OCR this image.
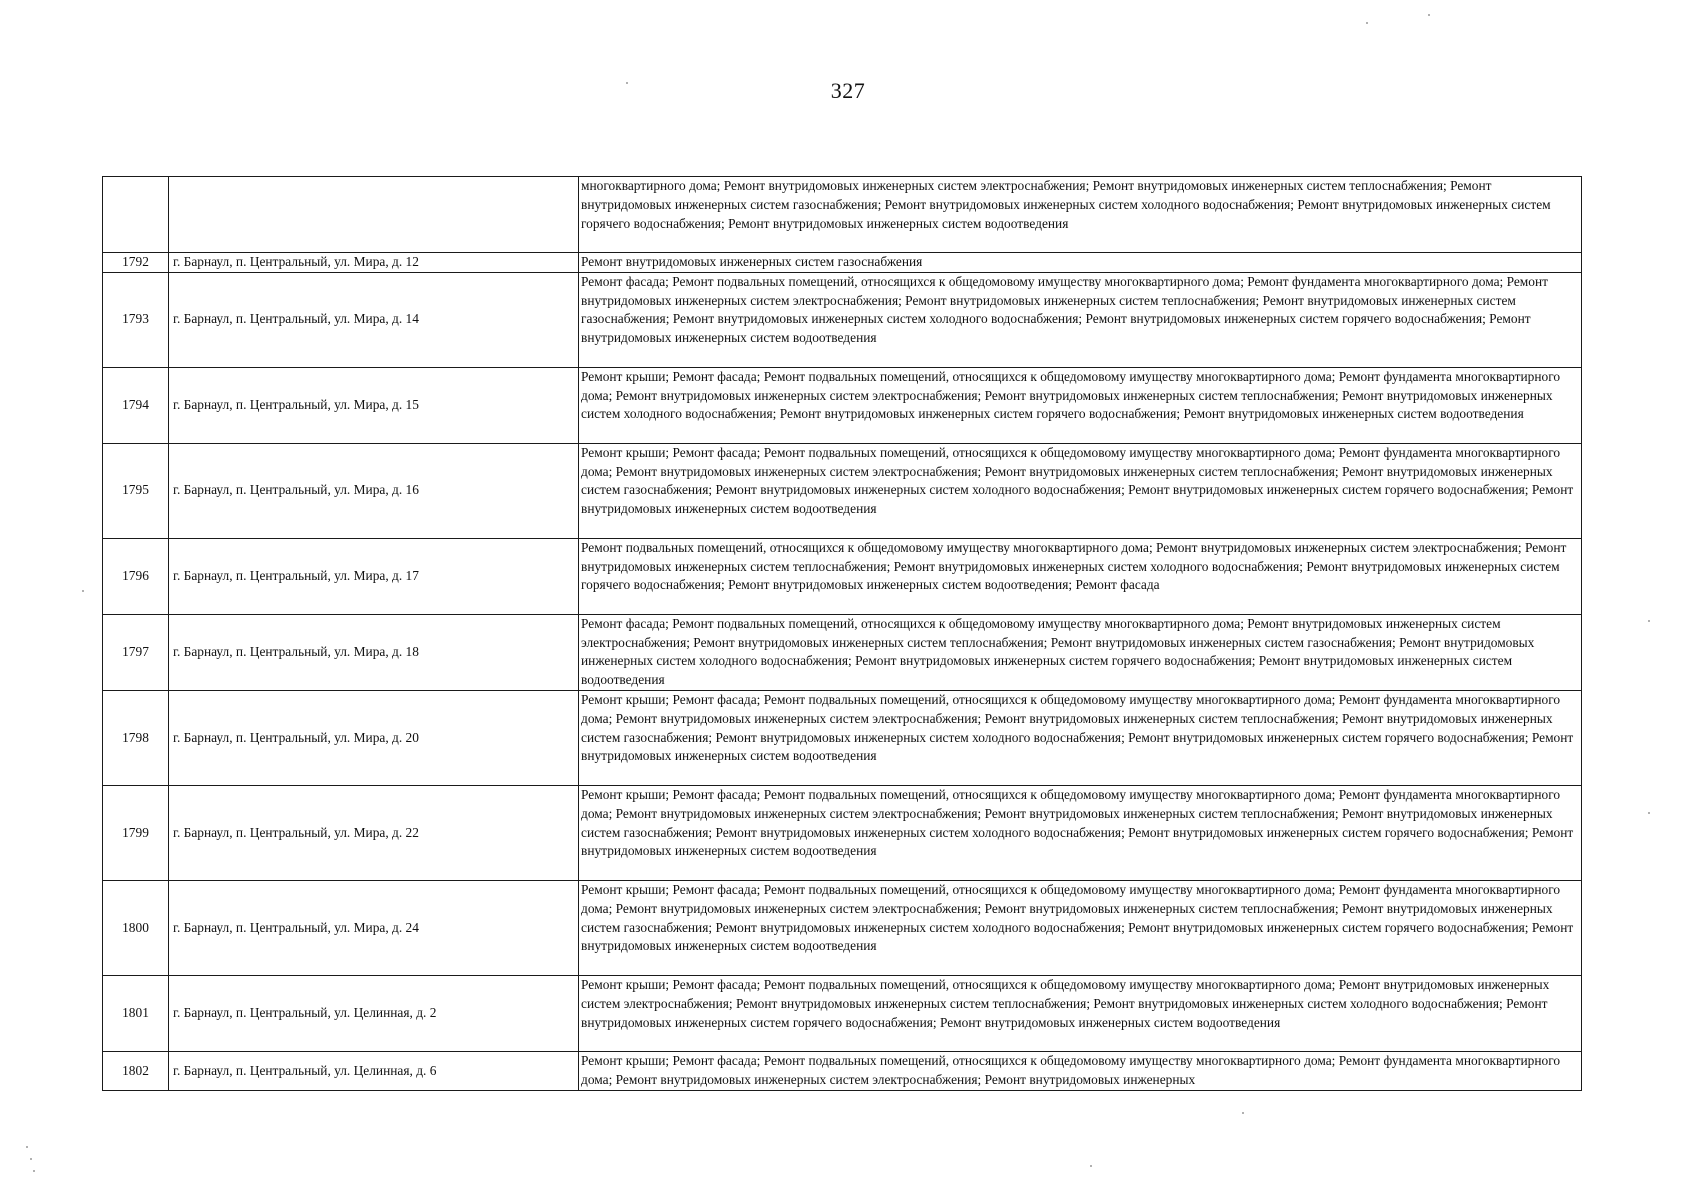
327
		многоквартирного дома; Ремонт внутридомовых инженерных систем электроснабжения; Ремонт внутридомовых инженерных систем теплоснабжения; Ремонт внутридомовых инженерных систем газоснабжения; Ремонт внутридомовых инженерных систем холодного водоснабжения; Ремонт внутридомовых инженерных систем горячего водоснабжения; Ремонт внутридомовых инженерных систем водоотведения
1792	г. Барнаул, п. Центральный, ул. Мира, д. 12	Ремонт внутридомовых инженерных систем газоснабжения
1793	г. Барнаул, п. Центральный, ул. Мира, д. 14	Ремонт фасада; Ремонт подвальных помещений, относящихся к общедомовому имуществу многоквартирного дома; Ремонт фундамента многоквартирного дома; Ремонт внутридомовых инженерных систем электроснабжения; Ремонт внутридомовых инженерных систем теплоснабжения; Ремонт внутридомовых инженерных систем газоснабжения; Ремонт внутридомовых инженерных систем холодного водоснабжения; Ремонт внутридомовых инженерных систем горячего водоснабжения; Ремонт внутридомовых инженерных систем водоотведения
1794	г. Барнаул, п. Центральный, ул. Мира, д. 15	Ремонт крыши; Ремонт фасада; Ремонт подвальных помещений, относящихся к общедомовому имуществу многоквартирного дома; Ремонт фундамента многоквартирного дома; Ремонт внутридомовых инженерных систем электроснабжения; Ремонт внутридомовых инженерных систем теплоснабжения; Ремонт внутридомовых инженерных систем холодного водоснабжения; Ремонт внутридомовых инженерных систем горячего водоснабжения; Ремонт внутридомовых инженерных систем водоотведения
1795	г. Барнаул, п. Центральный, ул. Мира, д. 16	Ремонт крыши; Ремонт фасада; Ремонт подвальных помещений, относящихся к общедомовому имуществу многоквартирного дома; Ремонт фундамента многоквартирного дома; Ремонт внутридомовых инженерных систем электроснабжения; Ремонт внутридомовых инженерных систем теплоснабжения; Ремонт внутридомовых инженерных систем газоснабжения; Ремонт внутридомовых инженерных систем холодного водоснабжения; Ремонт внутридомовых инженерных систем горячего водоснабжения; Ремонт внутридомовых инженерных систем водоотведения
1796	г. Барнаул, п. Центральный, ул. Мира, д. 17	Ремонт подвальных помещений, относящихся к общедомовому имуществу многоквартирного дома; Ремонт внутридомовых инженерных систем электроснабжения; Ремонт внутридомовых инженерных систем теплоснабжения; Ремонт внутридомовых инженерных систем холодного водоснабжения; Ремонт внутридомовых инженерных систем горячего водоснабжения; Ремонт внутридомовых инженерных систем водоотведения; Ремонт фасада
1797	г. Барнаул, п. Центральный, ул. Мира, д. 18	Ремонт фасада; Ремонт подвальных помещений, относящихся к общедомовому имуществу многоквартирного дома; Ремонт внутридомовых инженерных систем электроснабжения; Ремонт внутридомовых инженерных систем теплоснабжения; Ремонт внутридомовых инженерных систем газоснабжения; Ремонт внутридомовых инженерных систем холодного водоснабжения; Ремонт внутридомовых инженерных систем горячего водоснабжения; Ремонт внутридомовых инженерных систем водоотведения
1798	г. Барнаул, п. Центральный, ул. Мира, д. 20	Ремонт крыши; Ремонт фасада; Ремонт подвальных помещений, относящихся к общедомовому имуществу многоквартирного дома; Ремонт фундамента многоквартирного дома; Ремонт внутридомовых инженерных систем электроснабжения; Ремонт внутридомовых инженерных систем теплоснабжения; Ремонт внутридомовых инженерных систем газоснабжения; Ремонт внутридомовых инженерных систем холодного водоснабжения; Ремонт внутридомовых инженерных систем горячего водоснабжения; Ремонт внутридомовых инженерных систем водоотведения
1799	г. Барнаул, п. Центральный, ул. Мира, д. 22	Ремонт крыши; Ремонт фасада; Ремонт подвальных помещений, относящихся к общедомовому имуществу многоквартирного дома; Ремонт фундамента многоквартирного дома; Ремонт внутридомовых инженерных систем электроснабжения; Ремонт внутридомовых инженерных систем теплоснабжения; Ремонт внутридомовых инженерных систем газоснабжения; Ремонт внутридомовых инженерных систем холодного водоснабжения; Ремонт внутридомовых инженерных систем горячего водоснабжения; Ремонт внутридомовых инженерных систем водоотведения
1800	г. Барнаул, п. Центральный, ул. Мира, д. 24	Ремонт крыши; Ремонт фасада; Ремонт подвальных помещений, относящихся к общедомовому имуществу многоквартирного дома; Ремонт фундамента многоквартирного дома; Ремонт внутридомовых инженерных систем электроснабжения; Ремонт внутридомовых инженерных систем теплоснабжения; Ремонт внутридомовых инженерных систем газоснабжения; Ремонт внутридомовых инженерных систем холодного водоснабжения; Ремонт внутридомовых инженерных систем горячего водоснабжения; Ремонт внутридомовых инженерных систем водоотведения
1801	г. Барнаул, п. Центральный, ул. Целинная, д. 2	Ремонт крыши; Ремонт фасада; Ремонт подвальных помещений, относящихся к общедомовому имуществу многоквартирного дома; Ремонт внутридомовых инженерных систем электроснабжения; Ремонт внутридомовых инженерных систем теплоснабжения; Ремонт внутридомовых инженерных систем холодного водоснабжения; Ремонт внутридомовых инженерных систем горячего водоснабжения; Ремонт внутридомовых инженерных систем водоотведения
1802	г. Барнаул, п. Центральный, ул. Целинная, д. 6	Ремонт крыши; Ремонт фасада; Ремонт подвальных помещений, относящихся к общедомовому имуществу многоквартирного дома; Ремонт фундамента многоквартирного дома; Ремонт внутридомовых инженерных систем электроснабжения; Ремонт внутридомовых инженерных
